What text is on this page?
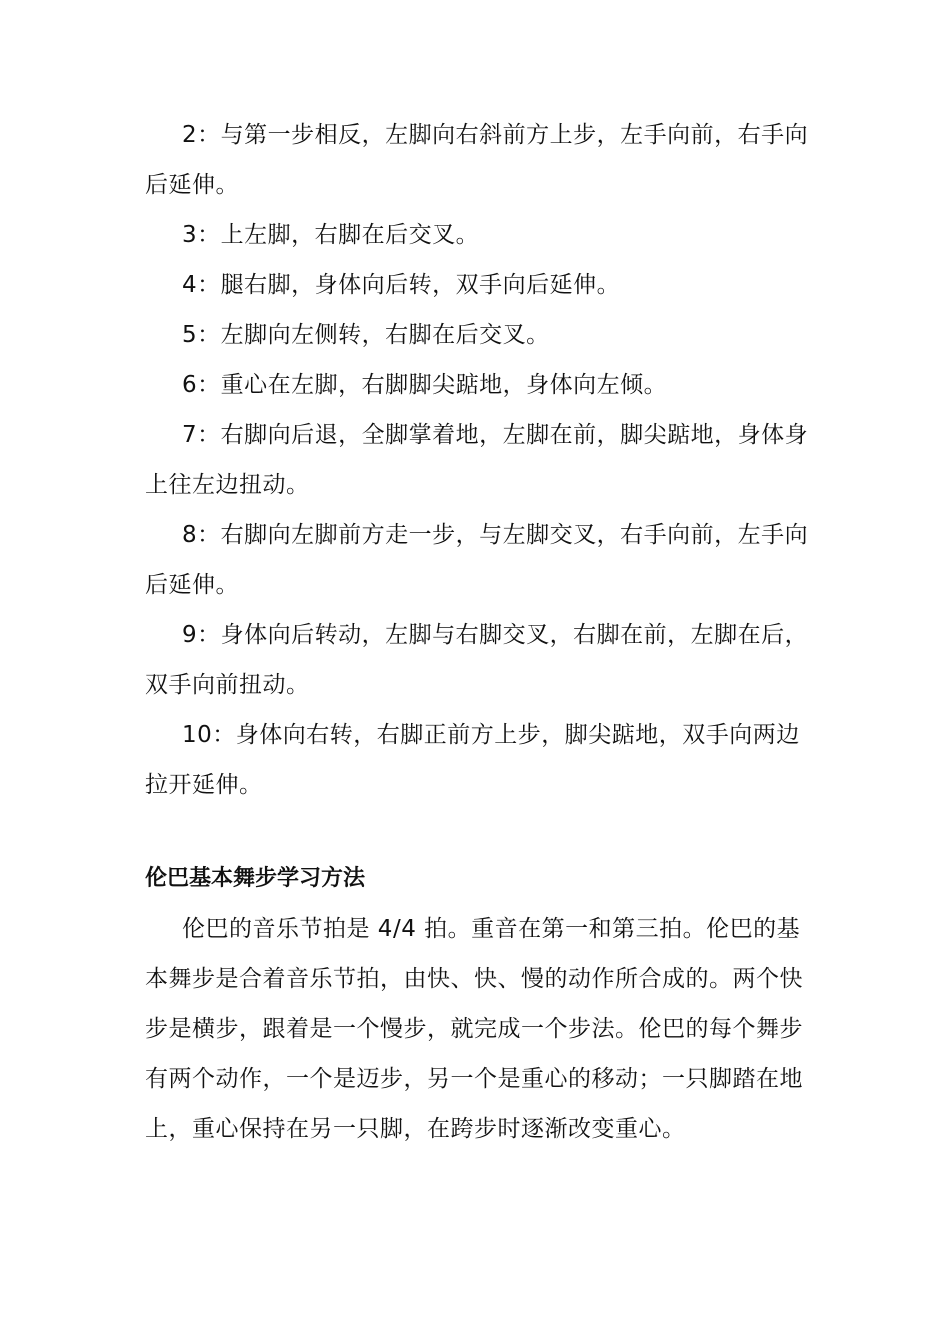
2：与第一步相反，左脚向右斜前方上步，左手向前，右手向后延伸。

3：上左脚，右脚在后交叉。

4：腿右脚，身体向后转，双手向后延伸。

5：左脚向左侧转，右脚在后交叉。

6：重心在左脚，右脚脚尖踮地，身体向左倾。

7：右脚向后退，全脚掌着地，左脚在前，脚尖踮地，身体身上往左边扭动。

8：右脚向左脚前方走一步，与左脚交叉，右手向前，左手向后延伸。

9：身体向后转动，左脚与右脚交叉，右脚在前，左脚在后，双手向前扭动。

10：身体向右转，右脚正前方上步，脚尖踮地，双手向两边拉开延伸。

伦巴基本舞步学习方法

伦巴的音乐节拍是 4/4 拍。重音在第一和第三拍。伦巴的基本舞步是合着音乐节拍，由快、快、慢的动作所合成的。两个快步是横步，跟着是一个慢步，就完成一个步法。伦巴的每个舞步有两个动作，一个是迈步，另一个是重心的移动；一只脚踏在地上，重心保持在另一只脚，在跨步时逐渐改变重心。
